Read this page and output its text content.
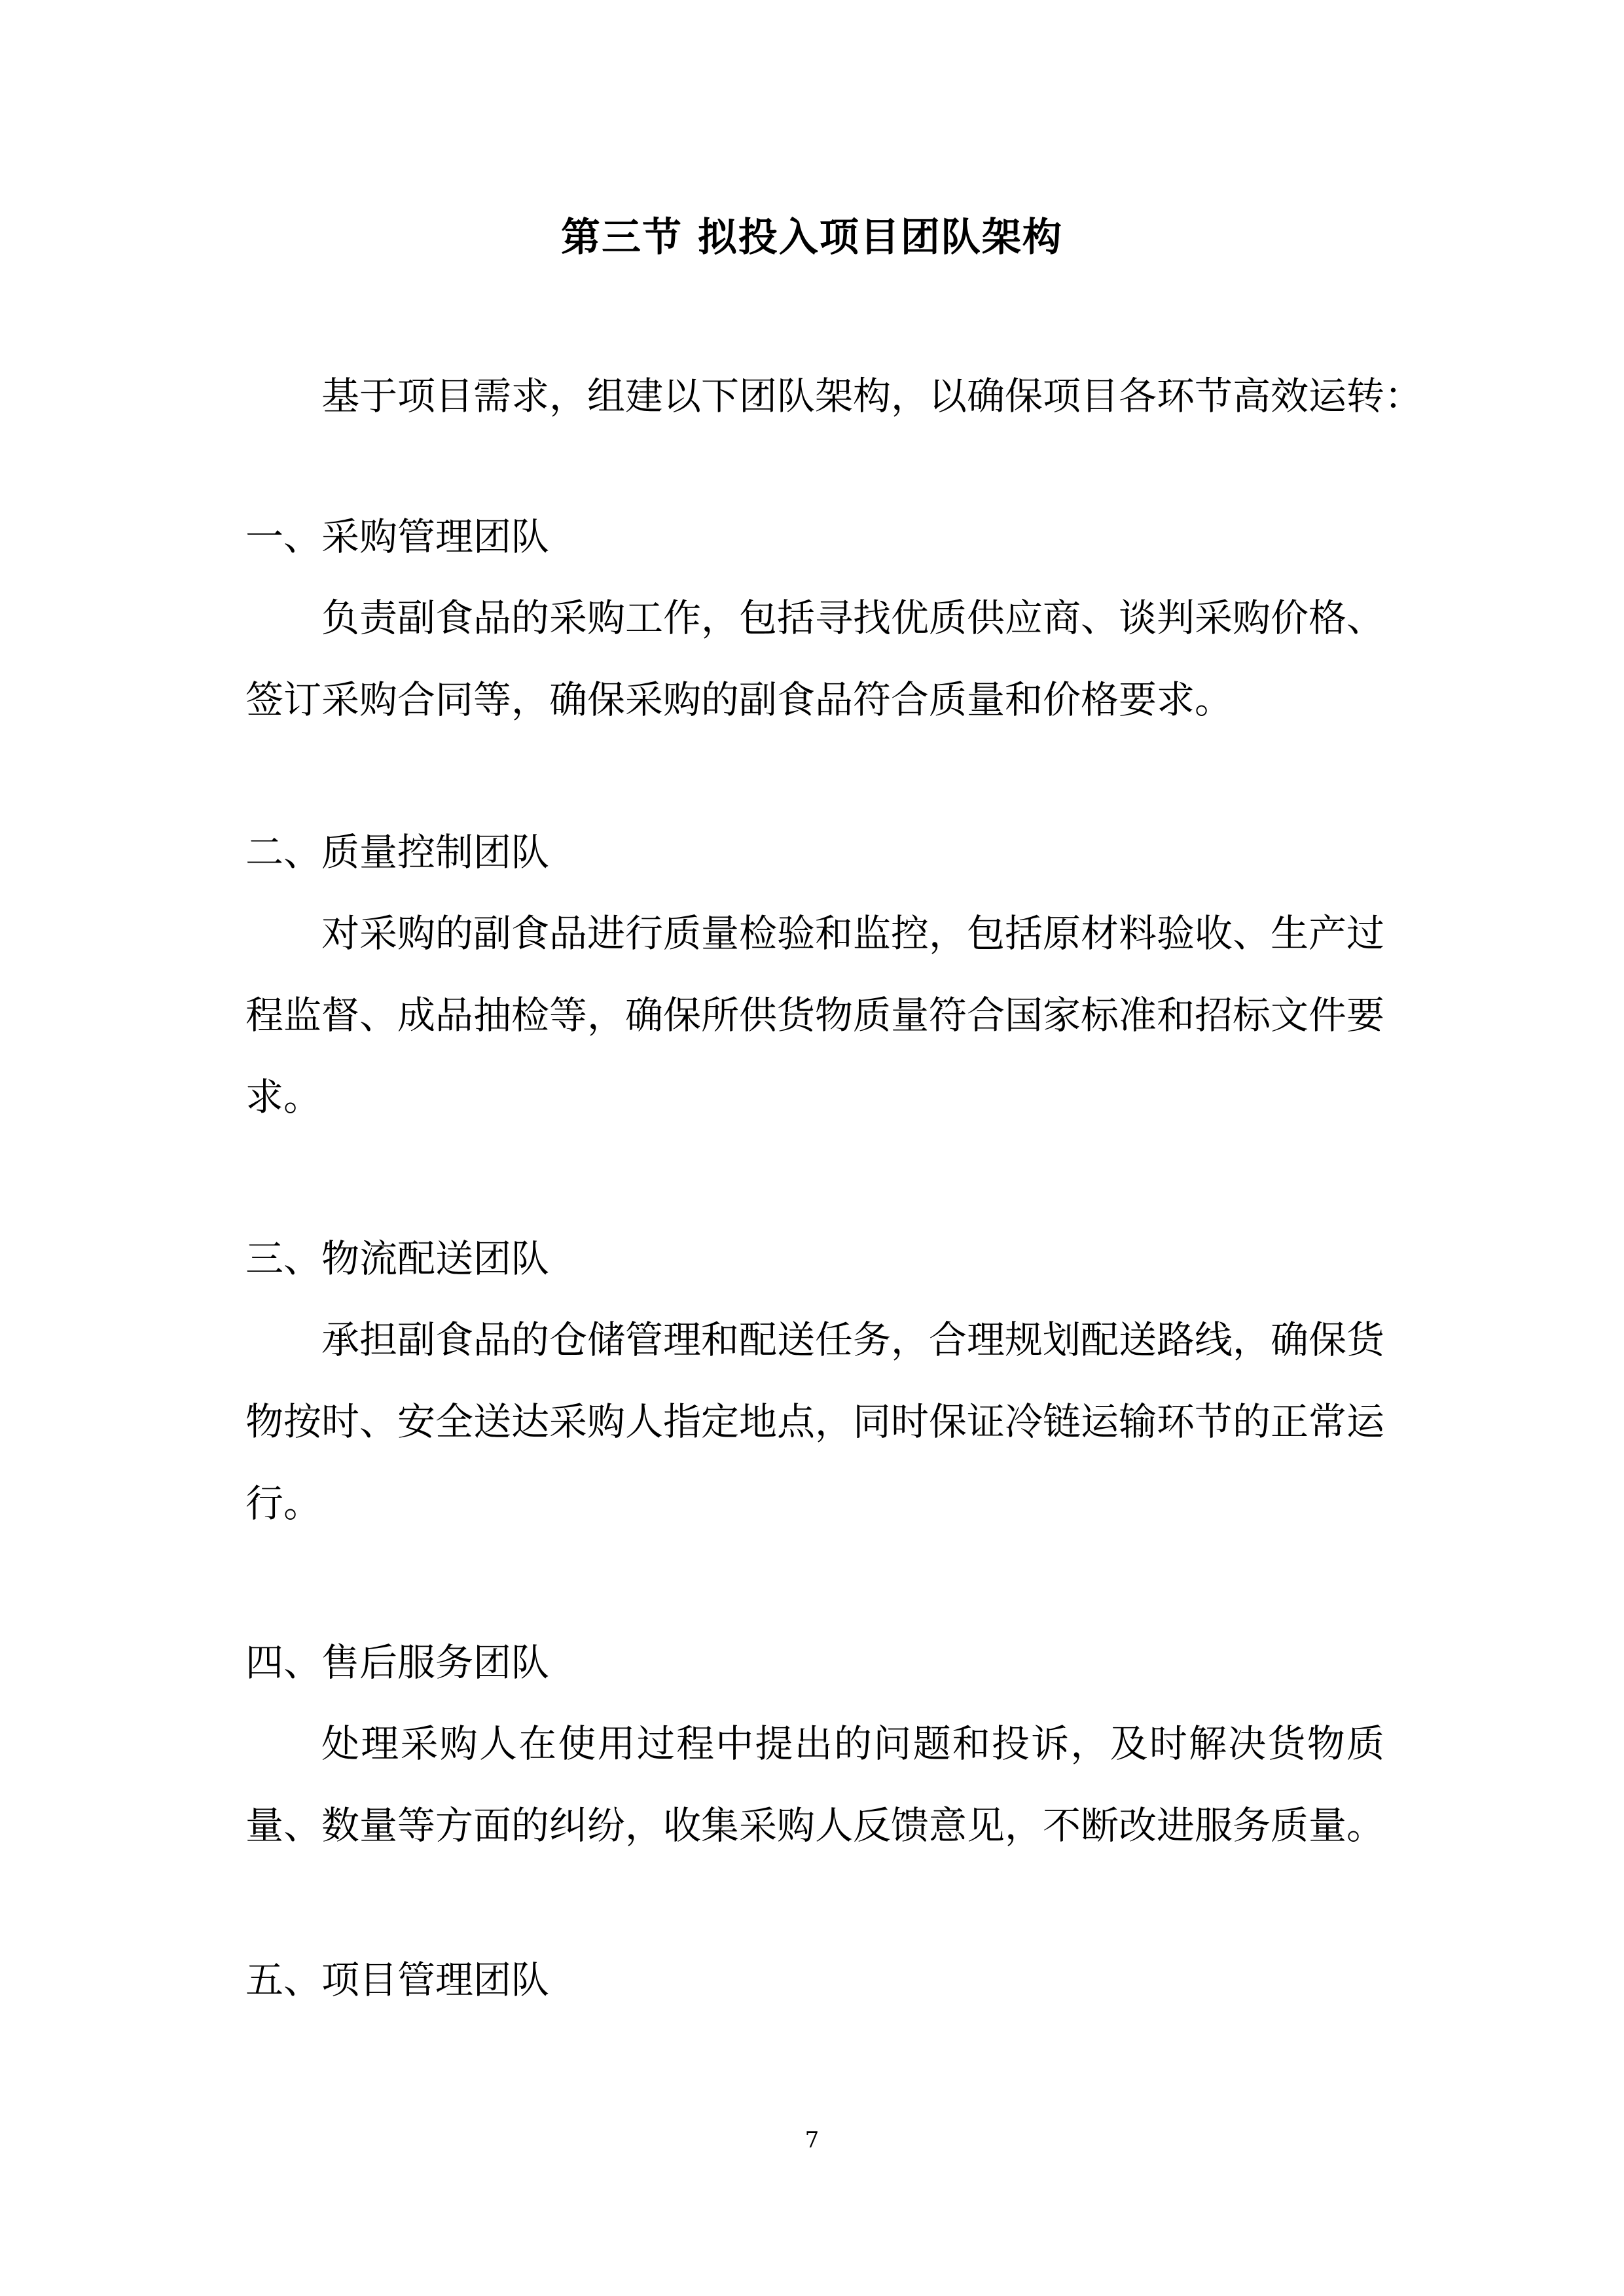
第三节 拟投入项目团队架构
基于项目需求，组建以下团队架构，以确保项目各环节高效运转：
一、采购管理团队
负责副食品的采购工作，包括寻找优质供应商、谈判采购价格、签订采购合同等，确保采购的副食品符合质量和价格要求。
二、质量控制团队
对采购的副食品进行质量检验和监控，包括原材料验收、生产过程监督、成品抽检等，确保所供货物质量符合国家标准和招标文件要求。
三、物流配送团队
承担副食品的仓储管理和配送任务，合理规划配送路线，确保货物按时、安全送达采购人指定地点，同时保证冷链运输环节的正常运行。
四、售后服务团队
处理采购人在使用过程中提出的问题和投诉，及时解决货物质量、数量等方面的纠纷，收集采购人反馈意见，不断改进服务质量。
五、项目管理团队
7
